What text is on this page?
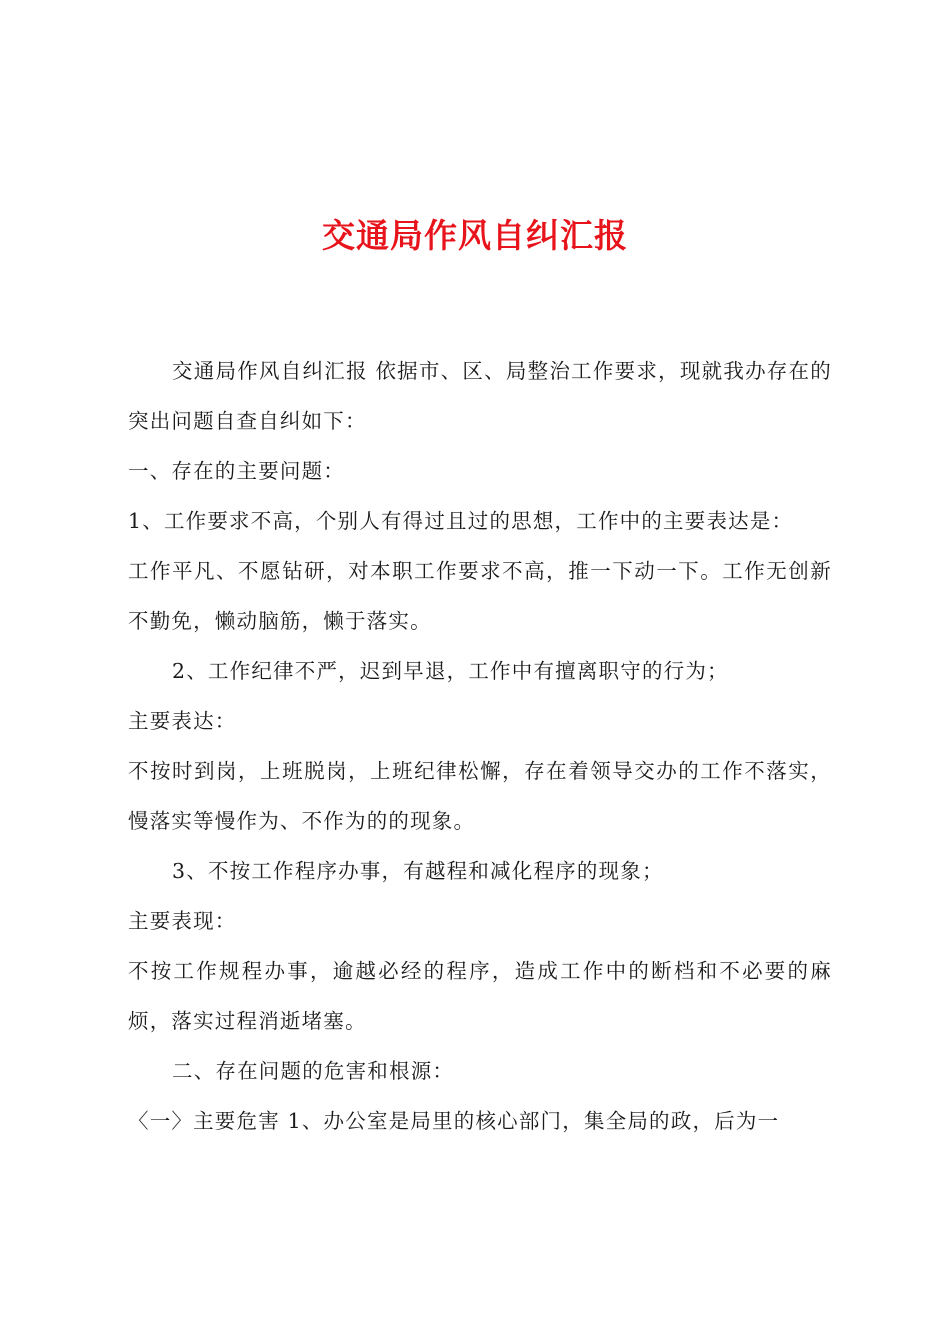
交通局作风自纠汇报

交通局作风自纠汇报 依据市、区、局整治工作要求，现就我办存在的突出问题自查自纠如下：

一、存在的主要问题：

1、工作要求不高，个别人有得过且过的思想，工作中的主要表达是：

工作平凡、不愿钻研，对本职工作要求不高，推一下动一下。工作无创新不勤免，懒动脑筋，懒于落实。

2、工作纪律不严，迟到早退，工作中有擅离职守的行为；

主要表达：

不按时到岗，上班脱岗，上班纪律松懈，存在着领导交办的工作不落实，慢落实等慢作为、不作为的的现象。

3、不按工作程序办事，有越程和减化程序的现象；

主要表现：

不按工作规程办事，逾越必经的程序，造成工作中的断档和不必要的麻烦，落实过程消逝堵塞。

二、存在问题的危害和根源：

〈一〉主要危害 1、办公室是局里的核心部门，集全局的政，后为一
